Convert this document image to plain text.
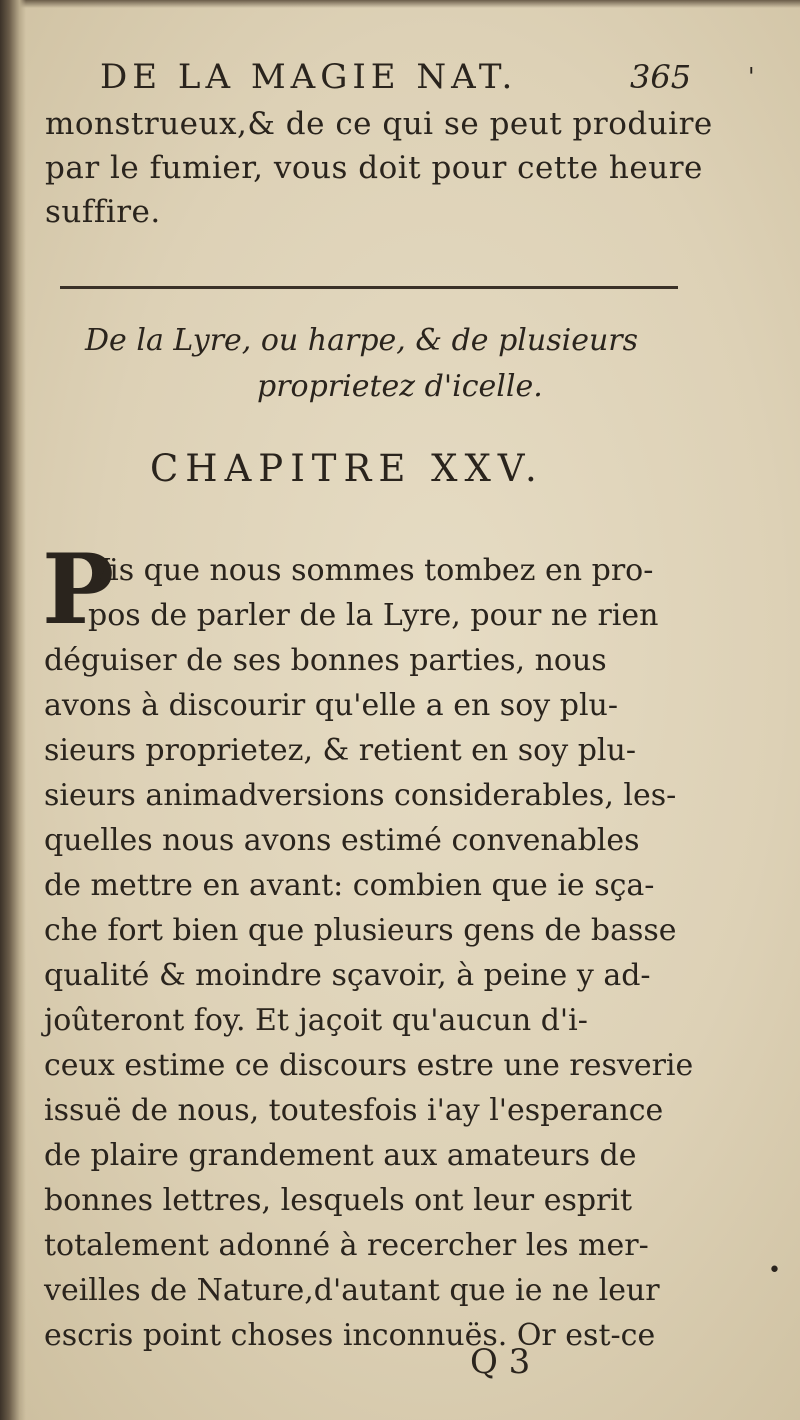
DE LA MAGIE NAT.	365 '
monstrueux,& de ce qui se peut produire
par le fumier, vous doit pour cette heure
suffire.
De la Lyre, ou harpe, & de plusieurs
proprietez d'icelle.
CHAPITRE XXV.
P
Vis que nous sommes tombez en pro-
pos de parler de la Lyre, pour ne rien
déguiser de ses bonnes parties, nous
avons à discourir qu'elle a en soy plu-
sieurs proprietez, & retient en soy plu-
sieurs animadversions considerables, les-
quelles nous avons estimé convenables
de mettre en avant: combien que ie sça-
che fort bien que plusieurs gens de basse
qualité & moindre sçavoir, à peine y ad-
joûteront foy. Et jaçoit qu'aucun d'i-
ceux estime ce discours estre une resverie
issuë de nous, toutesfois i'ay l'esperance
de plaire grandement aux amateurs de
bonnes lettres, lesquels ont leur esprit
totalement adonné à recercher les mer-
veilles de Nature,d'autant que ie ne leur
escris point choses inconnuës. Or est-ce
Q 3
•
